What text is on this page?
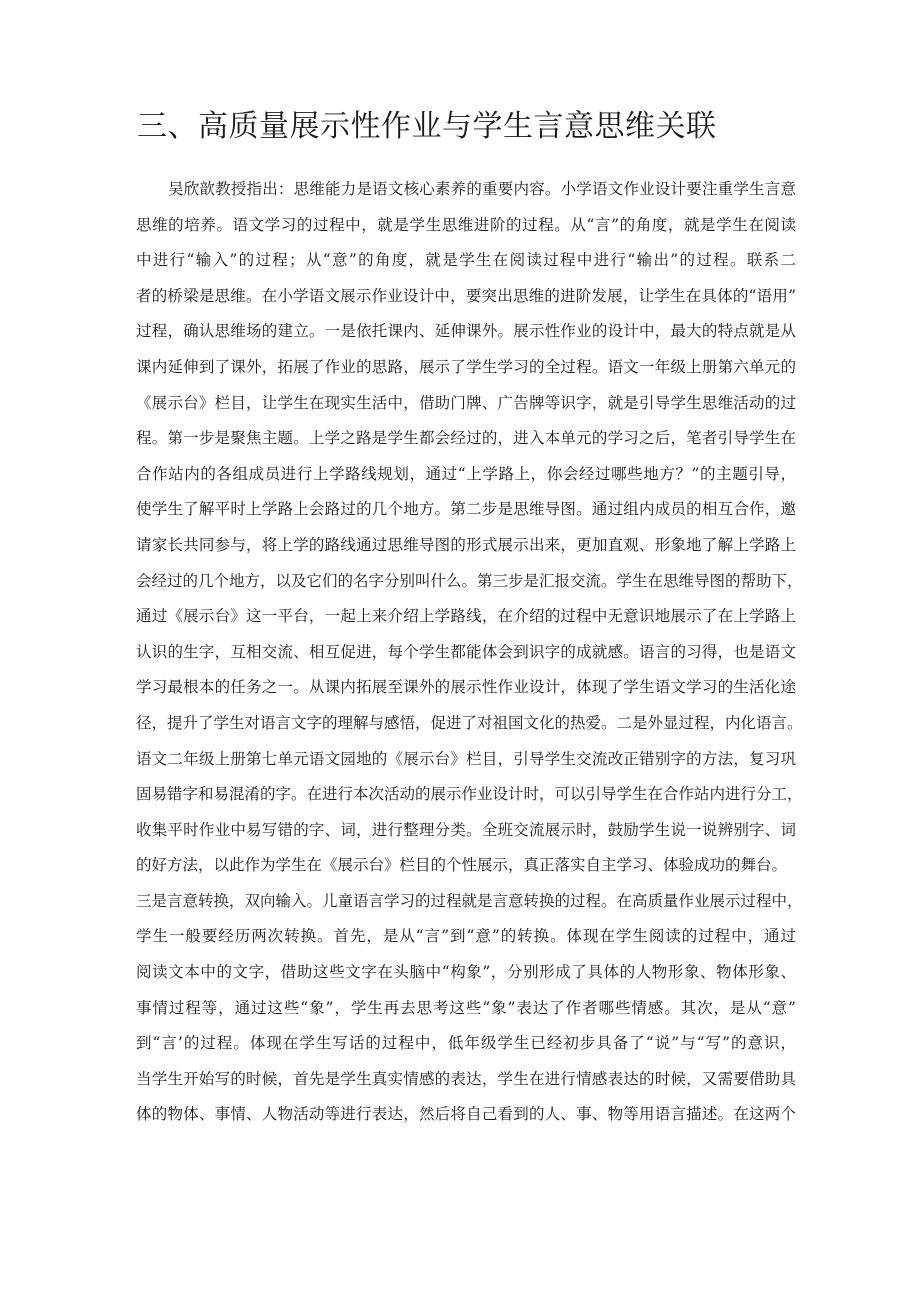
三、高质量展示性作业与学生言意思维关联
吴欣歆教授指出：思维能力是语文核心素养的重要内容。小学语文作业设计要注重学生言意
思维的培养。语文学习的过程中，就是学生思维进阶的过程。从“言”的角度，就是学生在阅读
中进行“输入”的过程；从“意”的角度，就是学生在阅读过程中进行“输出”的过程。联系二
者的桥梁是思维。在小学语文展示作业设计中，要突出思维的进阶发展，让学生在具体的“语用”
过程，确认思维场的建立。一是依托课内、延伸课外。展示性作业的设计中，最大的特点就是从
课内延伸到了课外，拓展了作业的思路，展示了学生学习的全过程。语文一年级上册第六单元的
《展示台》栏目，让学生在现实生活中，借助门牌、广告牌等识字，就是引导学生思维活动的过
程。第一步是聚焦主题。上学之路是学生都会经过的，进入本单元的学习之后，笔者引导学生在
合作站内的各组成员进行上学路线规划，通过“上学路上，你会经过哪些地方？”的主题引导，
使学生了解平时上学路上会路过的几个地方。第二步是思维导图。通过组内成员的相互合作，邀
请家长共同参与，将上学的路线通过思维导图的形式展示出来，更加直观、形象地了解上学路上
会经过的几个地方，以及它们的名字分别叫什么。第三步是汇报交流。学生在思维导图的帮助下，
通过《展示台》这一平台，一起上来介绍上学路线，在介绍的过程中无意识地展示了在上学路上
认识的生字，互相交流、相互促进，每个学生都能体会到识字的成就感。语言的习得，也是语文
学习最根本的任务之一。从课内拓展至课外的展示性作业设计，体现了学生语文学习的生活化途
径，提升了学生对语言文字的理解与感悟，促进了对祖国文化的热爱。二是外显过程，内化语言。
语文二年级上册第七单元语文园地的《展示台》栏目，引导学生交流改正错别字的方法，复习巩
固易错字和易混淆的字。在进行本次活动的展示作业设计时，可以引导学生在合作站内进行分工，
收集平时作业中易写错的字、词，进行整理分类。全班交流展示时，鼓励学生说一说辨别字、词
的好方法，以此作为学生在《展示台》栏目的个性展示，真正落实自主学习、体验成功的舞台。
三是言意转换，双向输入。儿童语言学习的过程就是言意转换的过程。在高质量作业展示过程中，
学生一般要经历两次转换。首先，是从“言”到“意”的转换。体现在学生阅读的过程中，通过
阅读文本中的文字，借助这些文字在头脑中“构象”，分别形成了具体的人物形象、物体形象、
事情过程等，通过这些“象”，学生再去思考这些“象”表达了作者哪些情感。其次，是从“意”
到“言’的过程。体现在学生写话的过程中，低年级学生已经初步具备了“说”与“写”的意识，
当学生开始写的时候，首先是学生真实情感的表达，学生在进行情感表达的时候，又需要借助具
体的物体、事情、人物活动等进行表达，然后将自己看到的人、事、物等用语言描述。在这两个
